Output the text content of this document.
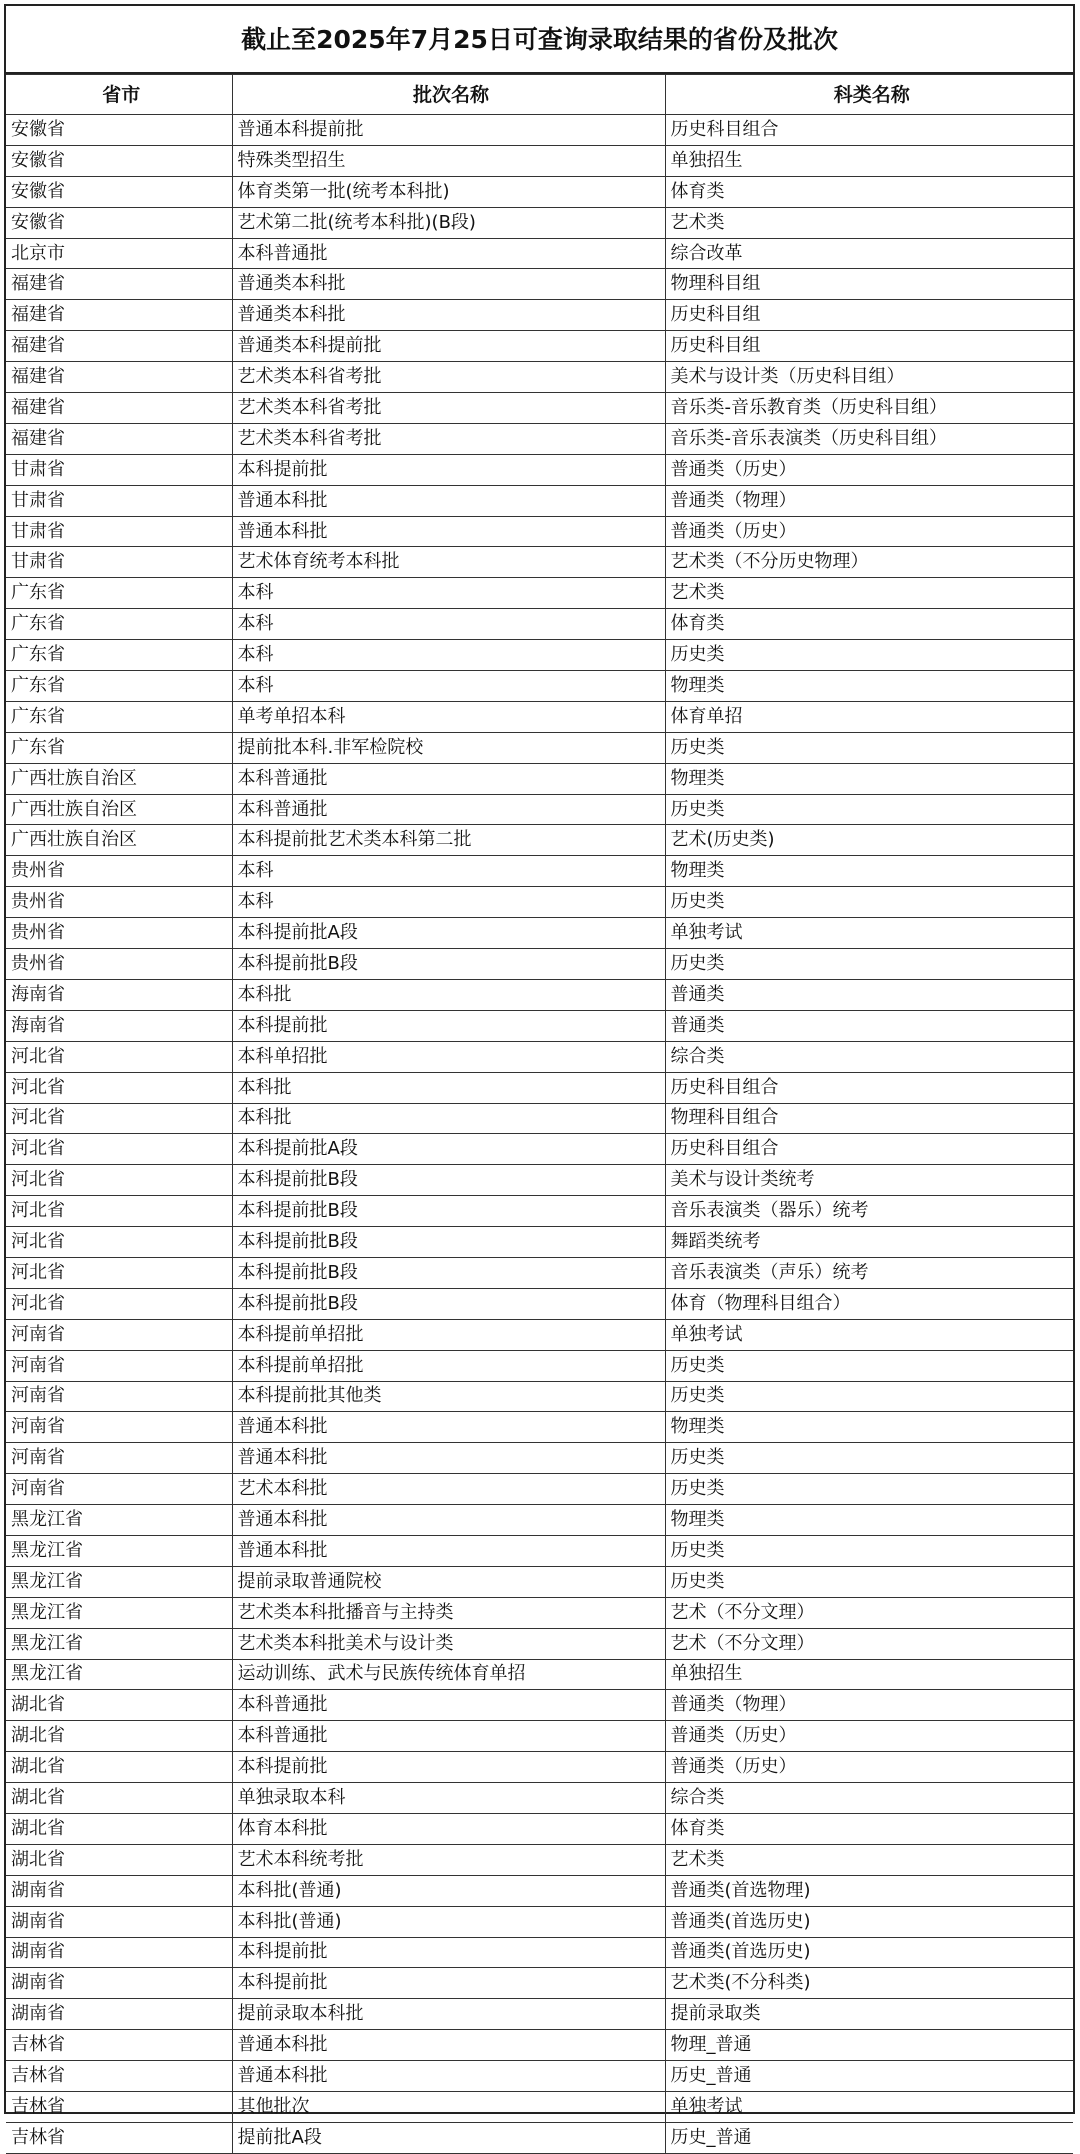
截止至2025年7月25日可查询录取结果的省份及批次
省市	批次名称	科类名称
安徽省	普通本科提前批	历史科目组合
安徽省	特殊类型招生	单独招生
安徽省	体育类第一批(统考本科批)	体育类
安徽省	艺术第二批(统考本科批)(B段)	艺术类
北京市	本科普通批	综合改革
福建省	普通类本科批	物理科目组
福建省	普通类本科批	历史科目组
福建省	普通类本科提前批	历史科目组
福建省	艺术类本科省考批	美术与设计类（历史科目组）
福建省	艺术类本科省考批	音乐类-音乐教育类（历史科目组）
福建省	艺术类本科省考批	音乐类-音乐表演类（历史科目组）
甘肃省	本科提前批	普通类（历史）
甘肃省	普通本科批	普通类（物理）
甘肃省	普通本科批	普通类（历史）
甘肃省	艺术体育统考本科批	艺术类（不分历史物理）
广东省	本科	艺术类
广东省	本科	体育类
广东省	本科	历史类
广东省	本科	物理类
广东省	单考单招本科	体育单招
广东省	提前批本科.非军检院校	历史类
广西壮族自治区	本科普通批	物理类
广西壮族自治区	本科普通批	历史类
广西壮族自治区	本科提前批艺术类本科第二批	艺术(历史类)
贵州省	本科	物理类
贵州省	本科	历史类
贵州省	本科提前批A段	单独考试
贵州省	本科提前批B段	历史类
海南省	本科批	普通类
海南省	本科提前批	普通类
河北省	本科单招批	综合类
河北省	本科批	历史科目组合
河北省	本科批	物理科目组合
河北省	本科提前批A段	历史科目组合
河北省	本科提前批B段	美术与设计类统考
河北省	本科提前批B段	音乐表演类（器乐）统考
河北省	本科提前批B段	舞蹈类统考
河北省	本科提前批B段	音乐表演类（声乐）统考
河北省	本科提前批B段	体育（物理科目组合）
河南省	本科提前单招批	单独考试
河南省	本科提前单招批	历史类
河南省	本科提前批其他类	历史类
河南省	普通本科批	物理类
河南省	普通本科批	历史类
河南省	艺术本科批	历史类
黑龙江省	普通本科批	物理类
黑龙江省	普通本科批	历史类
黑龙江省	提前录取普通院校	历史类
黑龙江省	艺术类本科批播音与主持类	艺术（不分文理）
黑龙江省	艺术类本科批美术与设计类	艺术（不分文理）
黑龙江省	运动训练、武术与民族传统体育单招	单独招生
湖北省	本科普通批	普通类（物理）
湖北省	本科普通批	普通类（历史）
湖北省	本科提前批	普通类（历史）
湖北省	单独录取本科	综合类
湖北省	体育本科批	体育类
湖北省	艺术本科统考批	艺术类
湖南省	本科批(普通)	普通类(首选物理)
湖南省	本科批(普通)	普通类(首选历史)
湖南省	本科提前批	普通类(首选历史)
湖南省	本科提前批	艺术类(不分科类)
湖南省	提前录取本科批	提前录取类
吉林省	普通本科批	物理_普通
吉林省	普通本科批	历史_普通
吉林省	其他批次	单独考试
吉林省	提前批A段	历史_普通
